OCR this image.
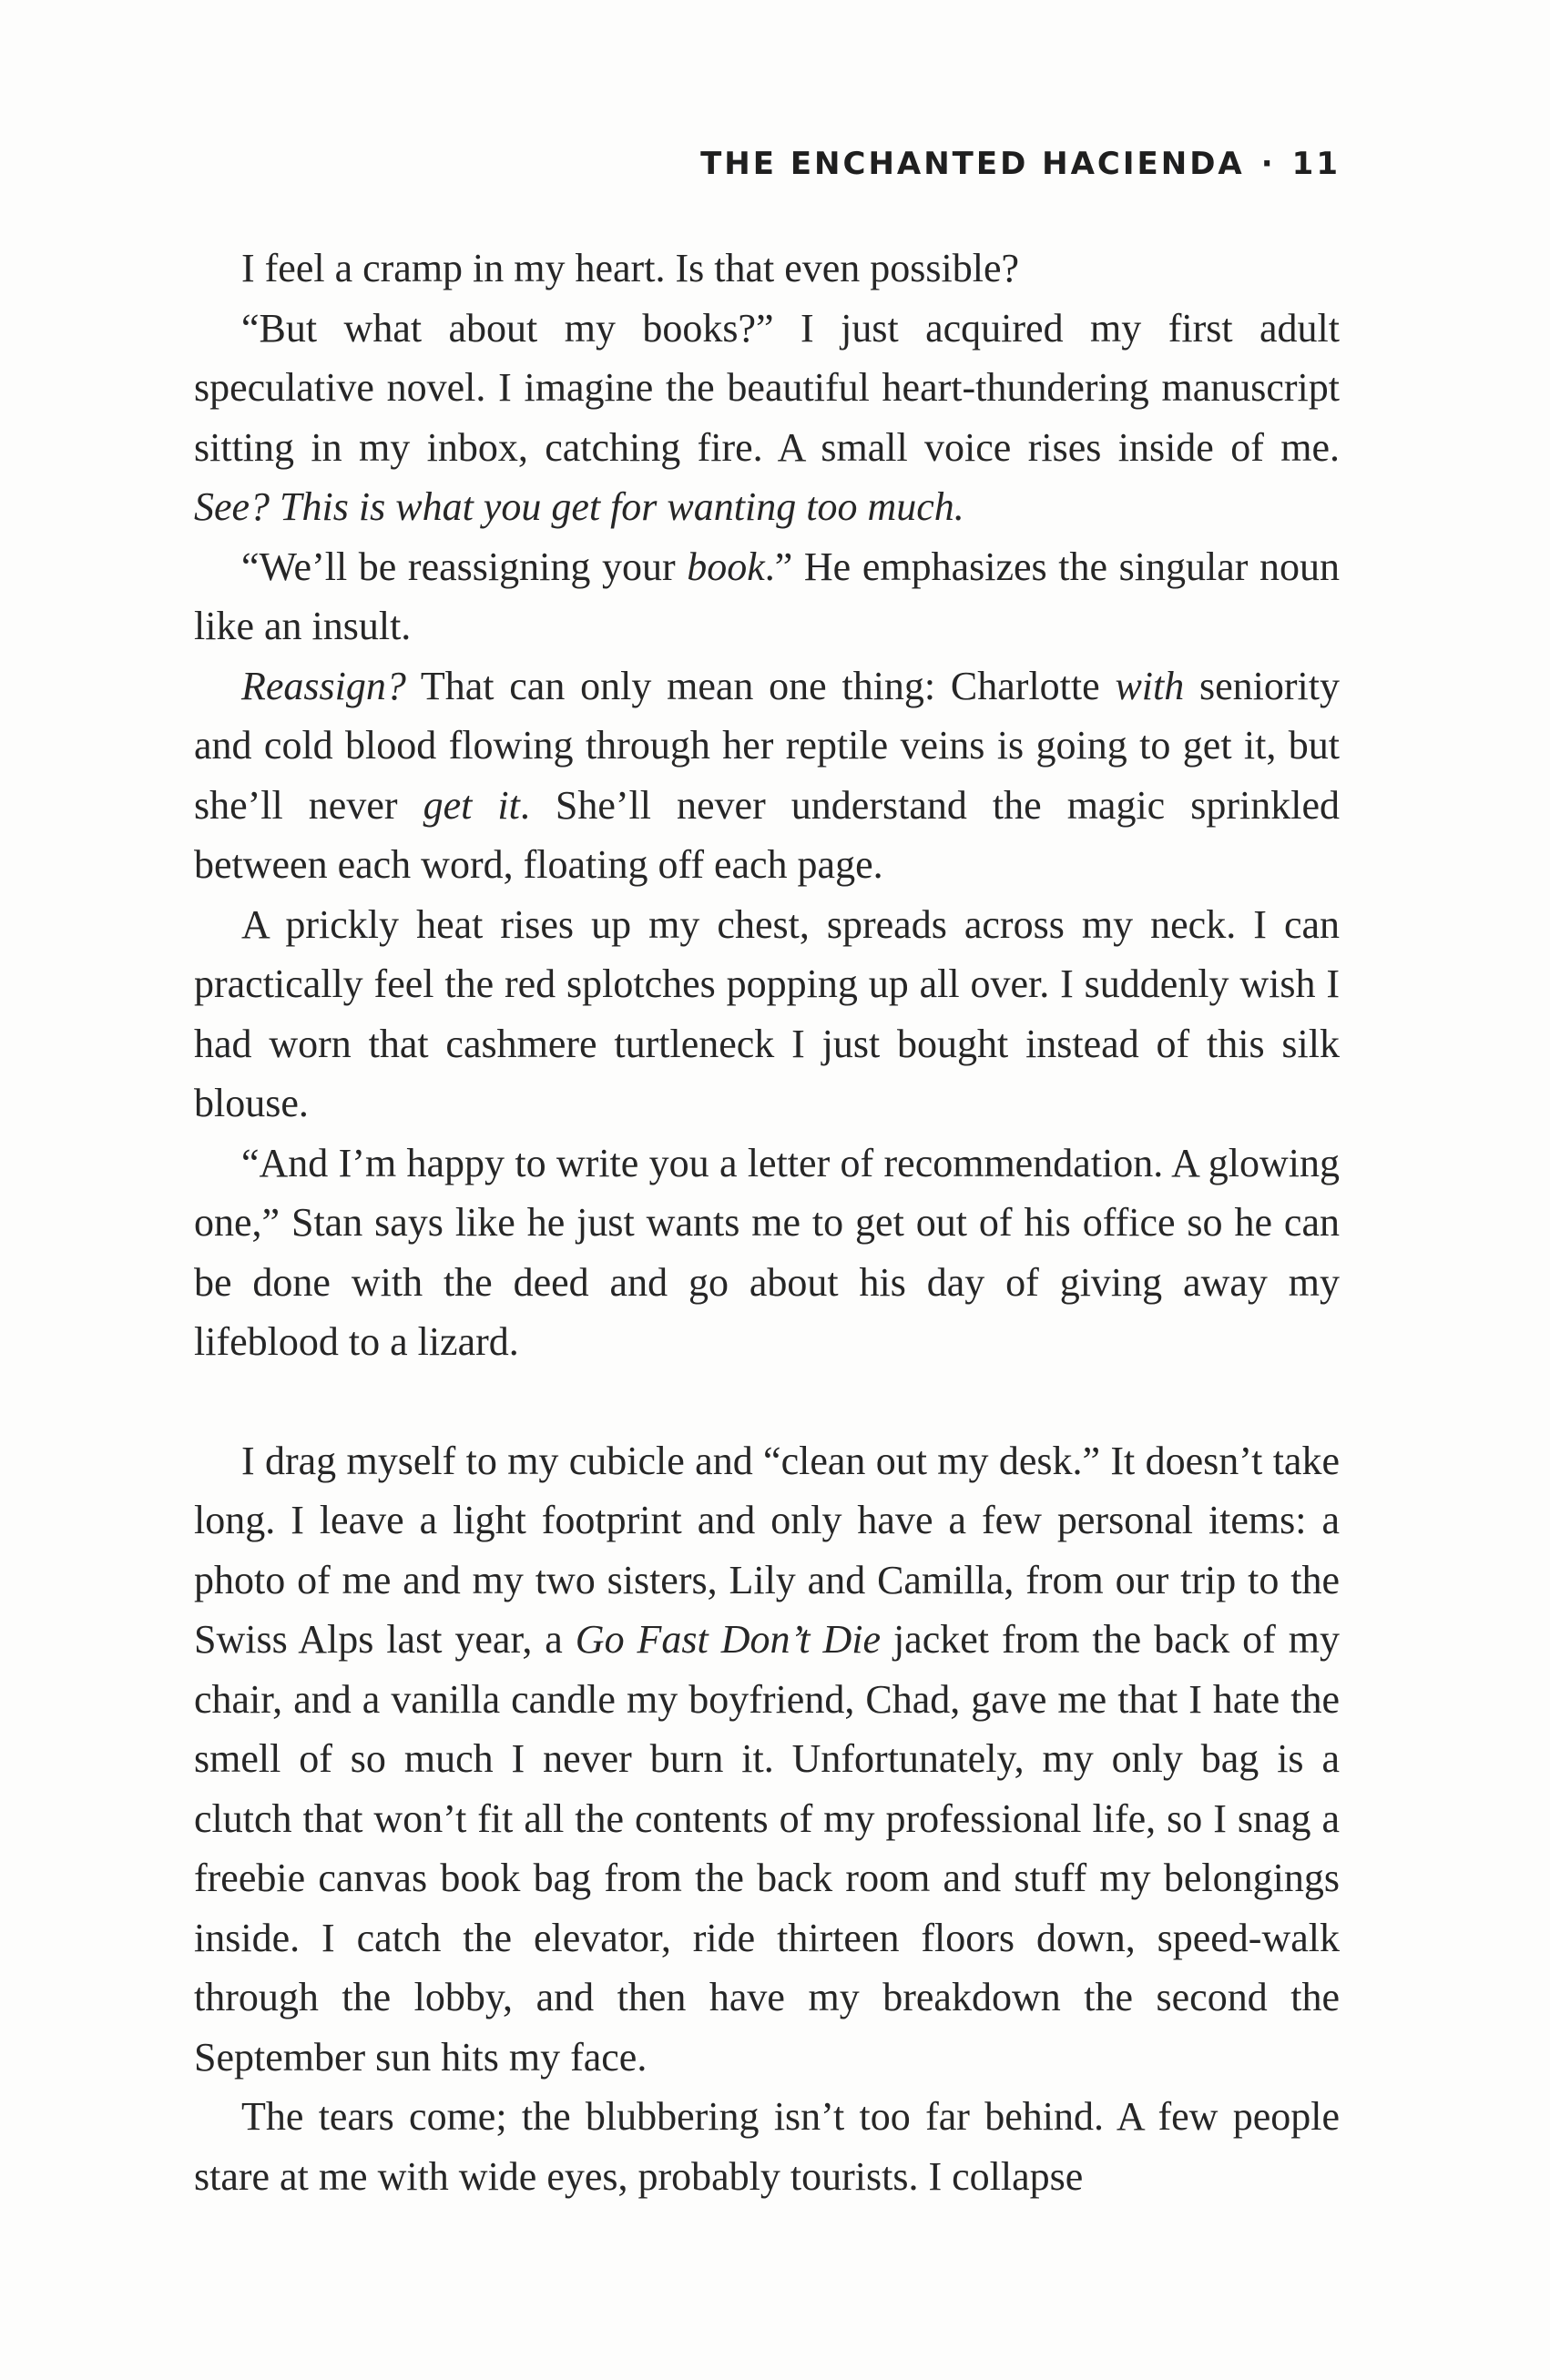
THE ENCHANTED HACIENDA · 11

I feel a cramp in my heart. Is that even possible?

“But what about my books?” I just acquired my first adult speculative novel. I imagine the beautiful heart-thundering manuscript sitting in my inbox, catching fire. A small voice rises inside of me. See? This is what you get for wanting too much.

“We’ll be reassigning your book.” He emphasizes the singular noun like an insult.

Reassign? That can only mean one thing: Charlotte with seniority and cold blood flowing through her reptile veins is going to get it, but she’ll never get it. She’ll never understand the magic sprinkled between each word, floating off each page.

A prickly heat rises up my chest, spreads across my neck. I can practically feel the red splotches popping up all over. I suddenly wish I had worn that cashmere turtleneck I just bought instead of this silk blouse.

“And I’m happy to write you a letter of recommendation. A glowing one,” Stan says like he just wants me to get out of his office so he can be done with the deed and go about his day of giving away my lifeblood to a lizard.

I drag myself to my cubicle and “clean out my desk.” It doesn’t take long. I leave a light footprint and only have a few personal items: a photo of me and my two sisters, Lily and Camilla, from our trip to the Swiss Alps last year, a Go Fast Don’t Die jacket from the back of my chair, and a vanilla candle my boyfriend, Chad, gave me that I hate the smell of so much I never burn it. Unfortunately, my only bag is a clutch that won’t fit all the contents of my professional life, so I snag a freebie canvas book bag from the back room and stuff my belongings inside. I catch the elevator, ride thirteen floors down, speed-walk through the lobby, and then have my breakdown the second the September sun hits my face.

The tears come; the blubbering isn’t too far behind. A few people stare at me with wide eyes, probably tourists. I collapse
